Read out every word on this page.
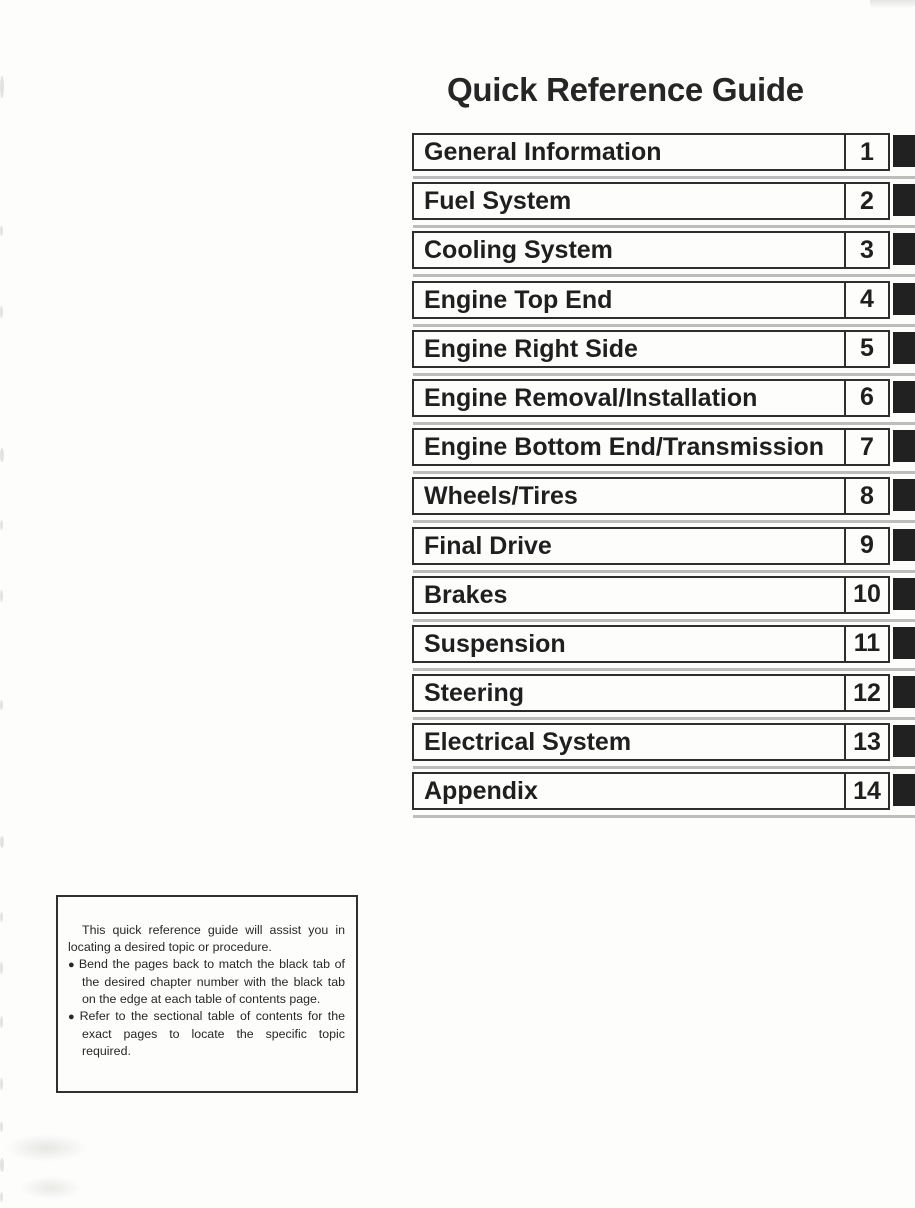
Quick Reference Guide
General Information	1
Fuel System	2
Cooling System	3
Engine Top End	4
Engine Right Side	5
Engine Removal/Installation	6
Engine Bottom End/Transmission	7
Wheels/Tires	8
Final Drive	9
Brakes	10
Suspension	11
Steering	12
Electrical System	13
Appendix	14

This quick reference guide will assist you in locating a desired topic or procedure.

● Bend the pages back to match the black tab of the desired chapter number with the black tab on the edge at each table of contents page.
● Refer to the sectional table of contents for the exact pages to locate the specific topic required.
